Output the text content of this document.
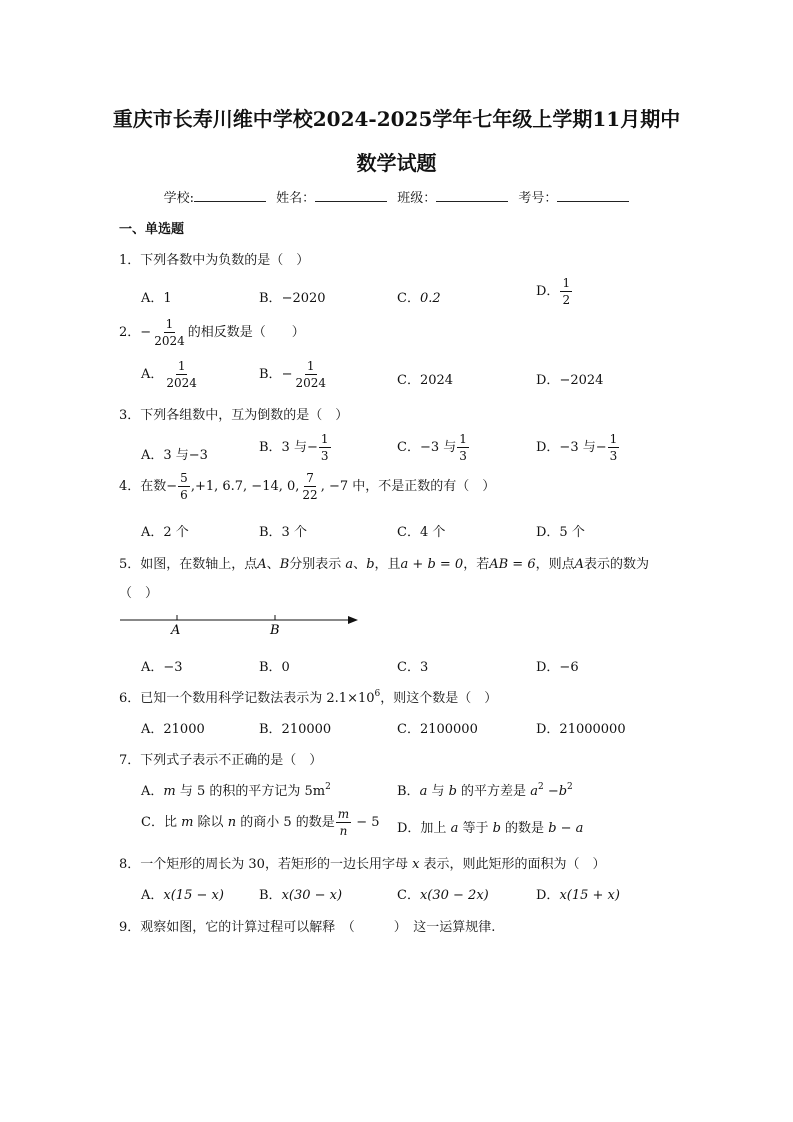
重庆市长寿川维中学校2024-2025学年七年级上学期11月期中
数学试题
学校:	姓名：	班级：	考号：
一、单选题
1．下列各数中为负数的是（　）
A．1	B．−2020	C．0.2	D． $\frac{1}{2}$
2．− $\frac{1}{2024}$ 的相反数是（　　）
A． $\frac{1}{2024}$	B．− $\frac{1}{2024}$	C．2024	D．−2024
3．下列各组数中，互为倒数的是（　）
A．3 与−3
B．3 与− $\frac{1}{3}$	C．−3 与 $\frac{1}{3}$	D．−3 与− $\frac{1}{3}$
4．在数− $\frac{5}{6} ,+1$, 6.7, −14, 0, $\frac{7}{22}$ , −7 中，不是正数的有（　）
A．2 个	B．3 个	C．4 个	D．5 个
5．如图，在数轴上，点A、B分别表示 a、b，且a + b = 0，若AB = 6，则点A表示的数为
（　）
A	B
A．−3	B．0	C．3	D．−6
6．已知一个数用科学记数法表示为 $2.1\times 10^6$，则这个数是（　）
A．21000	B．210000	C．2100000	D．21000000
7．下列式子表示不正确的是（　）
A．m 与 5 的积的平方记为 $5m^2$	B．a 与 b 的平方差是 $a^2 -b^2$
C．比 m 除以 n 的商小 5 的数是 $\frac{m}{n} - 5$ D．加上 a 等于 b 的数是 b − a
8．一个矩形的周长为 30，若矩形的一边长用字母 x 表示，则此矩形的面积为（　）
A．x(15 − x)	B．x(30 − x)	C．x(30 − 2x)	D．x(15 + x)
9．观察如图，它的计算过程可以解释　（　　　）　这一运算规律.
